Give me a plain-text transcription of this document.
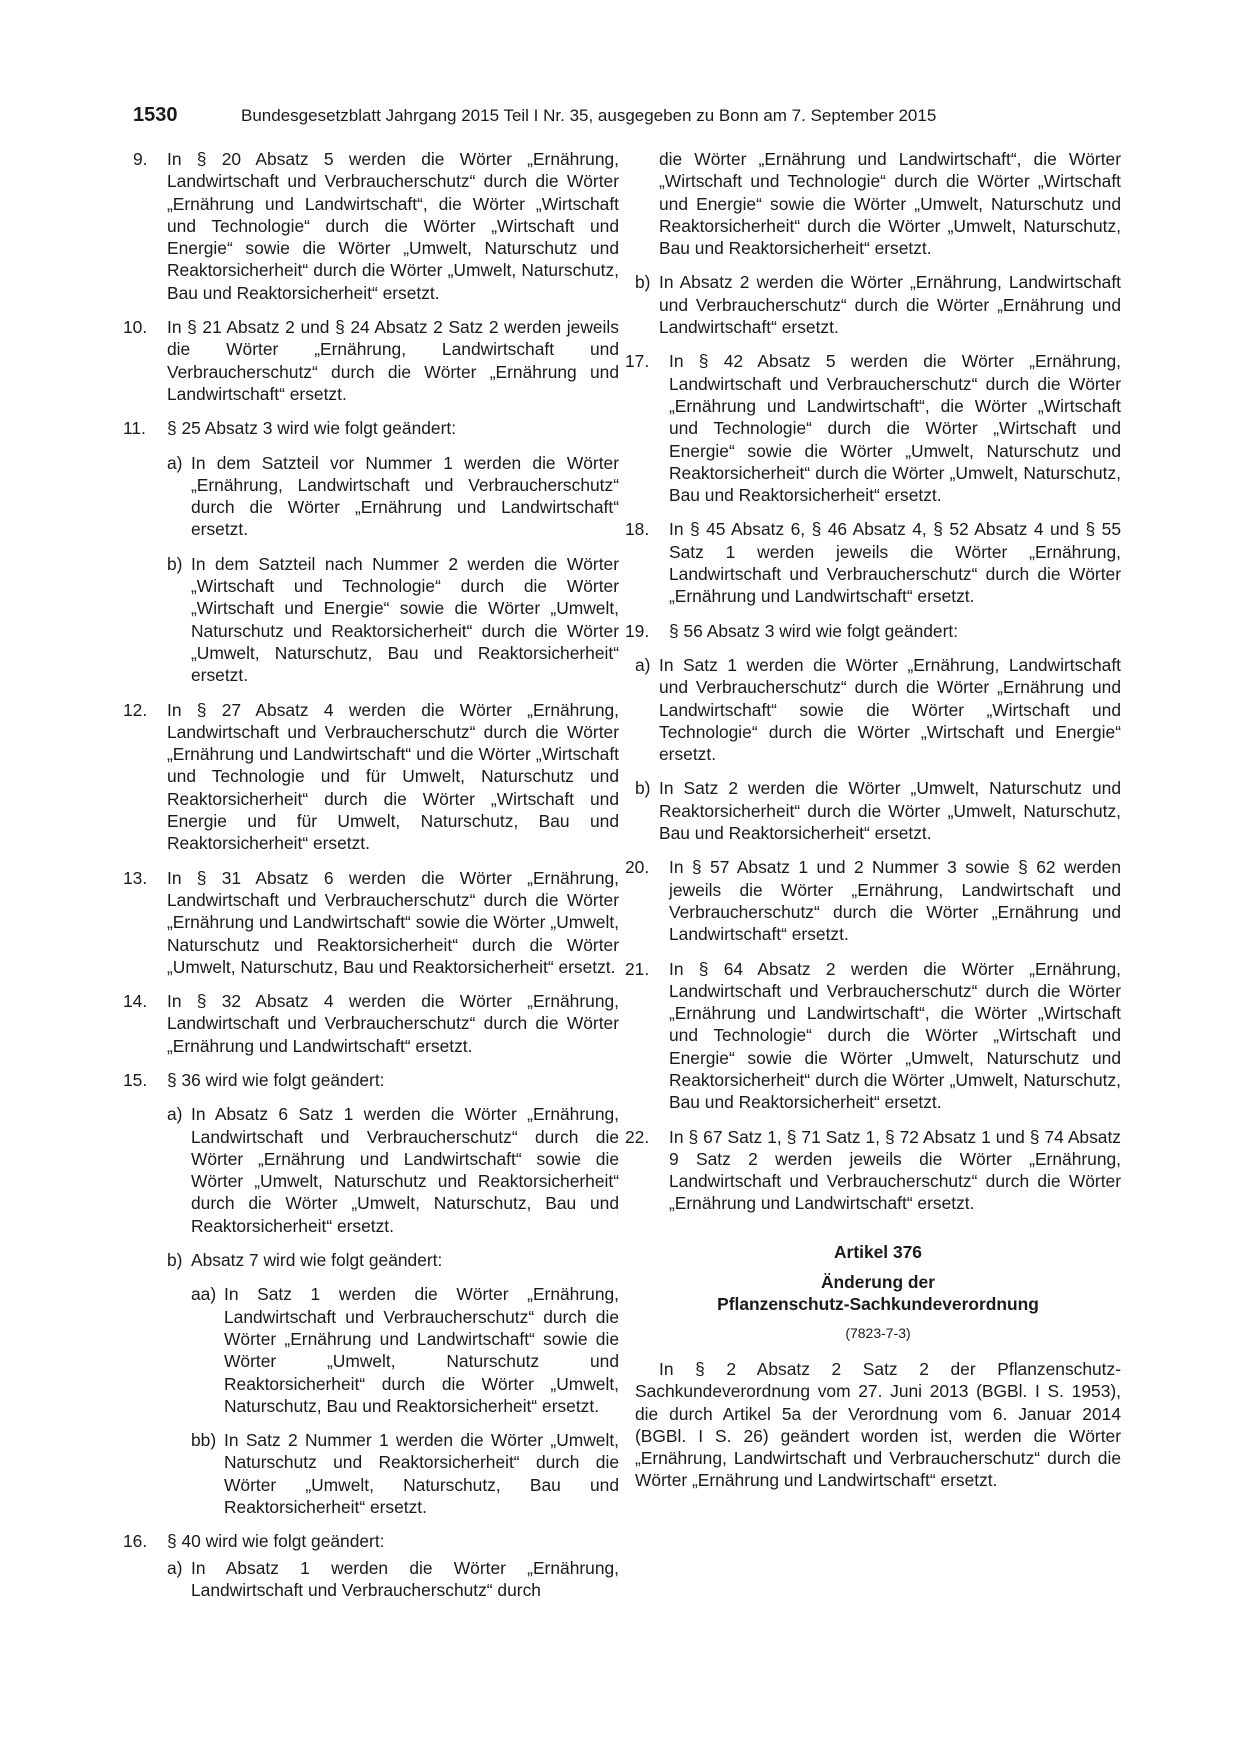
1530	Bundesgesetzblatt Jahrgang 2015 Teil I Nr. 35, ausgegeben zu Bonn am 7. September 2015
9. In § 20 Absatz 5 werden die Wörter „Ernährung, Landwirtschaft und Verbraucherschutz“ durch die Wörter „Ernährung und Landwirtschaft“, die Wörter „Wirtschaft und Technologie“ durch die Wörter „Wirtschaft und Energie“ sowie die Wörter „Umwelt, Naturschutz und Reaktorsicherheit“ durch die Wörter „Umwelt, Naturschutz, Bau und Reaktorsicherheit“ ersetzt.
10. In § 21 Absatz 2 und § 24 Absatz 2 Satz 2 werden jeweils die Wörter „Ernährung, Landwirtschaft und Verbraucherschutz“ durch die Wörter „Ernährung und Landwirtschaft“ ersetzt.
11. § 25 Absatz 3 wird wie folgt geändert:
a) In dem Satzteil vor Nummer 1 werden die Wörter „Ernährung, Landwirtschaft und Verbraucherschutz“ durch die Wörter „Ernährung und Landwirtschaft“ ersetzt.
b) In dem Satzteil nach Nummer 2 werden die Wörter „Wirtschaft und Technologie“ durch die Wörter „Wirtschaft und Energie“ sowie die Wörter „Umwelt, Naturschutz und Reaktorsicherheit“ durch die Wörter „Umwelt, Naturschutz, Bau und Reaktorsicherheit“ ersetzt.
12. In § 27 Absatz 4 werden die Wörter „Ernährung, Landwirtschaft und Verbraucherschutz“ durch die Wörter „Ernährung und Landwirtschaft“ und die Wörter „Wirtschaft und Technologie und für Umwelt, Naturschutz und Reaktorsicherheit“ durch die Wörter „Wirtschaft und Energie und für Umwelt, Naturschutz, Bau und Reaktorsicherheit“ ersetzt.
13. In § 31 Absatz 6 werden die Wörter „Ernährung, Landwirtschaft und Verbraucherschutz“ durch die Wörter „Ernährung und Landwirtschaft“ sowie die Wörter „Umwelt, Naturschutz und Reaktorsicherheit“ durch die Wörter „Umwelt, Naturschutz, Bau und Reaktorsicherheit“ ersetzt.
14. In § 32 Absatz 4 werden die Wörter „Ernährung, Landwirtschaft und Verbraucherschutz“ durch die Wörter „Ernährung und Landwirtschaft“ ersetzt.
15. § 36 wird wie folgt geändert:
a) In Absatz 6 Satz 1 werden die Wörter „Ernährung, Landwirtschaft und Verbraucherschutz“ durch die Wörter „Ernährung und Landwirtschaft“ sowie die Wörter „Umwelt, Naturschutz und Reaktorsicherheit“ durch die Wörter „Umwelt, Naturschutz, Bau und Reaktorsicherheit“ ersetzt.
b) Absatz 7 wird wie folgt geändert:
aa) In Satz 1 werden die Wörter „Ernährung, Landwirtschaft und Verbraucherschutz“ durch die Wörter „Ernährung und Landwirtschaft“ sowie die Wörter „Umwelt, Naturschutz und Reaktorsicherheit“ durch die Wörter „Umwelt, Naturschutz, Bau und Reaktorsicherheit“ ersetzt.
bb) In Satz 2 Nummer 1 werden die Wörter „Umwelt, Naturschutz und Reaktorsicherheit“ durch die Wörter „Umwelt, Naturschutz, Bau und Reaktorsicherheit“ ersetzt.
16. § 40 wird wie folgt geändert:
a) In Absatz 1 werden die Wörter „Ernährung, Landwirtschaft und Verbraucherschutz“ durch
die Wörter „Ernährung und Landwirtschaft“, die Wörter „Wirtschaft und Technologie“ durch die Wörter „Wirtschaft und Energie“ sowie die Wörter „Umwelt, Naturschutz und Reaktorsicherheit“ durch die Wörter „Umwelt, Naturschutz, Bau und Reaktorsicherheit“ ersetzt.
b) In Absatz 2 werden die Wörter „Ernährung, Landwirtschaft und Verbraucherschutz“ durch die Wörter „Ernährung und Landwirtschaft“ ersetzt.
17. In § 42 Absatz 5 werden die Wörter „Ernährung, Landwirtschaft und Verbraucherschutz“ durch die Wörter „Ernährung und Landwirtschaft“, die Wörter „Wirtschaft und Technologie“ durch die Wörter „Wirtschaft und Energie“ sowie die Wörter „Umwelt, Naturschutz und Reaktorsicherheit“ durch die Wörter „Umwelt, Naturschutz, Bau und Reaktorsicherheit“ ersetzt.
18. In § 45 Absatz 6, § 46 Absatz 4, § 52 Absatz 4 und § 55 Satz 1 werden jeweils die Wörter „Ernährung, Landwirtschaft und Verbraucherschutz“ durch die Wörter „Ernährung und Landwirtschaft“ ersetzt.
19. § 56 Absatz 3 wird wie folgt geändert:
a) In Satz 1 werden die Wörter „Ernährung, Landwirtschaft und Verbraucherschutz“ durch die Wörter „Ernährung und Landwirtschaft“ sowie die Wörter „Wirtschaft und Technologie“ durch die Wörter „Wirtschaft und Energie“ ersetzt.
b) In Satz 2 werden die Wörter „Umwelt, Naturschutz und Reaktorsicherheit“ durch die Wörter „Umwelt, Naturschutz, Bau und Reaktorsicherheit“ ersetzt.
20. In § 57 Absatz 1 und 2 Nummer 3 sowie § 62 werden jeweils die Wörter „Ernährung, Landwirtschaft und Verbraucherschutz“ durch die Wörter „Ernährung und Landwirtschaft“ ersetzt.
21. In § 64 Absatz 2 werden die Wörter „Ernährung, Landwirtschaft und Verbraucherschutz“ durch die Wörter „Ernährung und Landwirtschaft“, die Wörter „Wirtschaft und Technologie“ durch die Wörter „Wirtschaft und Energie“ sowie die Wörter „Umwelt, Naturschutz und Reaktorsicherheit“ durch die Wörter „Umwelt, Naturschutz, Bau und Reaktorsicherheit“ ersetzt.
22. In § 67 Satz 1, § 71 Satz 1, § 72 Absatz 1 und § 74 Absatz 9 Satz 2 werden jeweils die Wörter „Ernährung, Landwirtschaft und Verbraucherschutz“ durch die Wörter „Ernährung und Landwirtschaft“ ersetzt.
Artikel 376
Änderung der
Pflanzenschutz-Sachkundeverordnung
(7823-7-3)
In § 2 Absatz 2 Satz 2 der Pflanzenschutz-Sachkundeverordnung vom 27. Juni 2013 (BGBl. I S. 1953), die durch Artikel 5a der Verordnung vom 6. Januar 2014 (BGBl. I S. 26) geändert worden ist, werden die Wörter „Ernährung, Landwirtschaft und Verbraucherschutz“ durch die Wörter „Ernährung und Landwirtschaft“ ersetzt.
